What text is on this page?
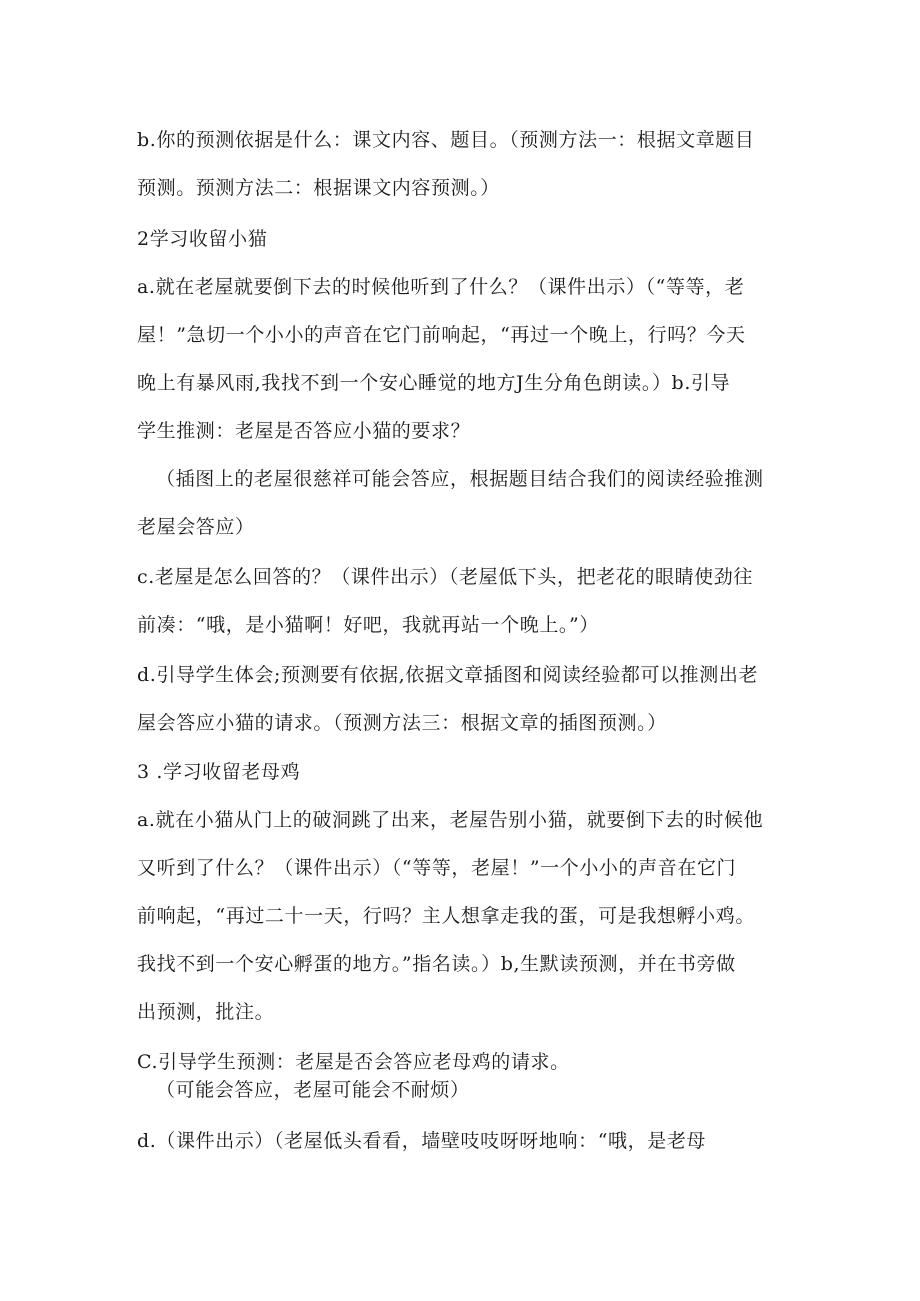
b.你的预测依据是什么：课文内容、题目。（预测方法一：根据文章题目
预测。预测方法二：根据课文内容预测。）
2学习收留小猫
a.就在老屋就要倒下去的时候他听到了什么？（课件出示）（“等等，老
屋！”急切一个小小的声音在它门前响起，“再过一个晚上，行吗？今天
晚上有暴风雨,我找不到一个安心睡觉的地方J生分角色朗读。）b.引导
学生推测：老屋是否答应小猫的要求？
（插图上的老屋很慈祥可能会答应，根据题目结合我们的阅读经验推测
老屋会答应）
c.老屋是怎么回答的？（课件出示）（老屋低下头，把老花的眼睛使劲往
前凑：“哦，是小猫啊！好吧，我就再站一个晚上。”）
d.引导学生体会;预测要有依据,依据文章插图和阅读经验都可以推测出老
屋会答应小猫的请求。（预测方法三：根据文章的插图预测。）
3 .学习收留老母鸡
a.就在小猫从门上的破洞跳了出来，老屋告别小猫，就要倒下去的时候他
又听到了什么？（课件出示）（“等等，老屋！”一个小小的声音在它门
前响起，“再过二十一天，行吗？主人想拿走我的蛋，可是我想孵小鸡。
我找不到一个安心孵蛋的地方。”指名读。）b,生默读预测，并在书旁做
出预测，批注。
C.引导学生预测：老屋是否会答应老母鸡的请求。
（可能会答应，老屋可能会不耐烦）
d.（课件出示）（老屋低头看看，墙壁吱吱呀呀地响：“哦，是老母
